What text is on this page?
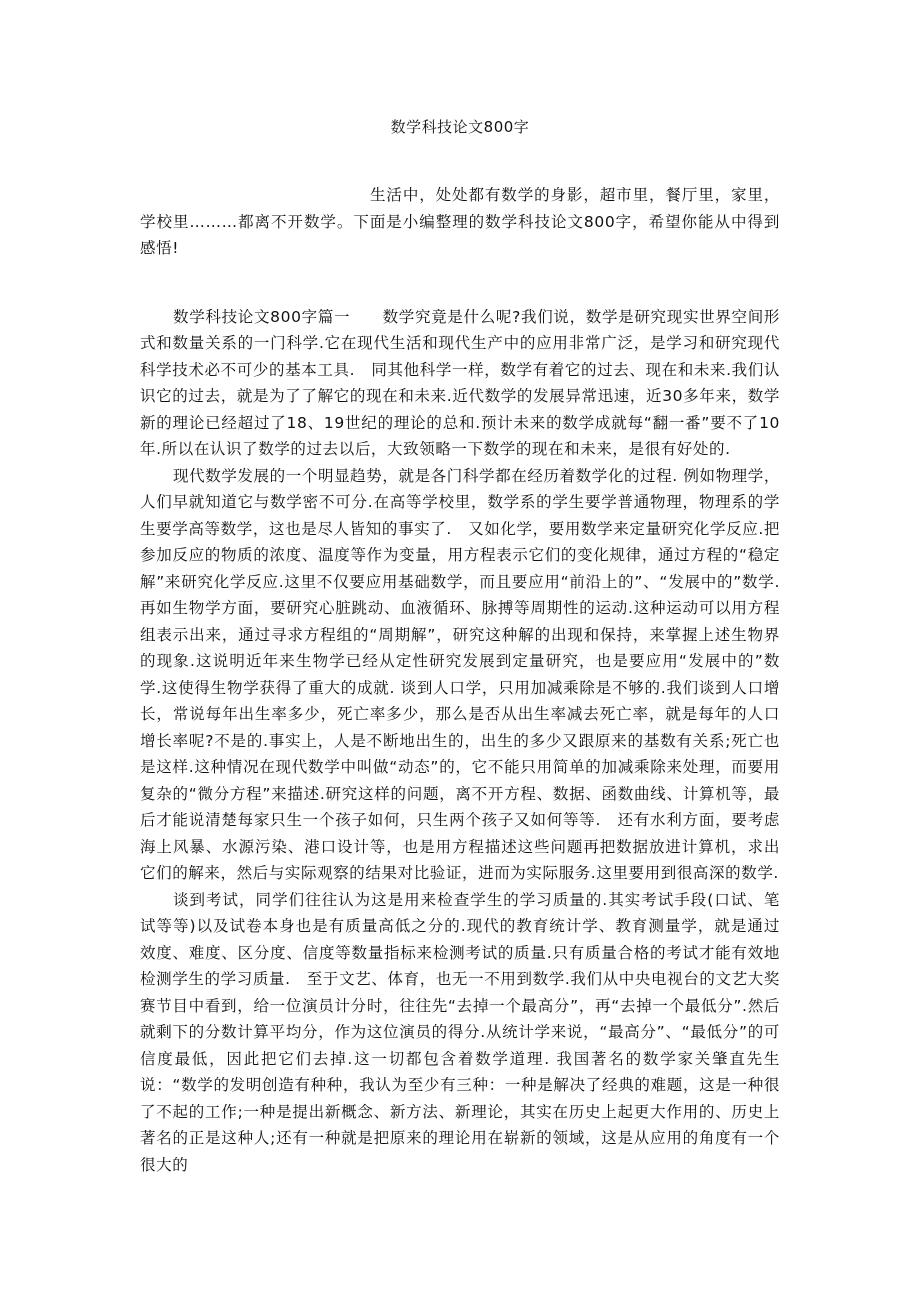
数学科技论文800字

生活中，处处都有数学的身影，超市里，餐厅里，家里，学校里………都离不开数学。下面是小编整理的数学科技论文800字，希望你能从中得到感悟!

数学科技论文800字篇一　　数学究竟是什么呢?我们说，数学是研究现实世界空间形式和数量关系的一门科学.它在现代生活和现代生产中的应用非常广泛，是学习和研究现代科学技术必不可少的基本工具.　同其他科学一样，数学有着它的过去、现在和未来.我们认识它的过去，就是为了了解它的现在和未来.近代数学的发展异常迅速，近30多年来，数学新的理论已经超过了18、19世纪的理论的总和.预计未来的数学成就每“翻一番”要不了10年.所以在认识了数学的过去以后，大致领略一下数学的现在和未来，是很有好处的.

现代数学发展的一个明显趋势，就是各门科学都在经历着数学化的过程. 例如物理学，人们早就知道它与数学密不可分.在高等学校里，数学系的学生要学普通物理，物理系的学生要学高等数学，这也是尽人皆知的事实了.　又如化学，要用数学来定量研究化学反应.把参加反应的物质的浓度、温度等作为变量，用方程表示它们的变化规律，通过方程的“稳定解”来研究化学反应.这里不仅要应用基础数学，而且要应用“前沿上的”、“发展中的”数学. 再如生物学方面，要研究心脏跳动、血液循环、脉搏等周期性的运动.这种运动可以用方程组表示出来，通过寻求方程组的“周期解”，研究这种解的出现和保持，来掌握上述生物界的现象.这说明近年来生物学已经从定性研究发展到定量研究，也是要应用“发展中的”数学.这使得生物学获得了重大的成就. 谈到人口学，只用加减乘除是不够的.我们谈到人口增长，常说每年出生率多少，死亡率多少，那么是否从出生率减去死亡率，就是每年的人口增长率呢?不是的.事实上，人是不断地出生的，出生的多少又跟原来的基数有关系;死亡也是这样.这种情况在现代数学中叫做“动态”的，它不能只用简单的加减乘除来处理，而要用复杂的“微分方程”来描述.研究这样的问题，离不开方程、数据、函数曲线、计算机等，最后才能说清楚每家只生一个孩子如何，只生两个孩子又如何等等.　还有水利方面，要考虑海上风暴、水源污染、港口设计等，也是用方程描述这些问题再把数据放进计算机，求出它们的解来，然后与实际观察的结果对比验证，进而为实际服务.这里要用到很高深的数学.

谈到考试，同学们往往认为这是用来检查学生的学习质量的.其实考试手段(口试、笔试等等)以及试卷本身也是有质量高低之分的.现代的教育统计学、教育测量学，就是通过效度、难度、区分度、信度等数量指标来检测考试的质量.只有质量合格的考试才能有效地检测学生的学习质量.　至于文艺、体育，也无一不用到数学.我们从中央电视台的文艺大奖赛节目中看到，给一位演员计分时，往往先“去掉一个最高分”，再“去掉一个最低分”.然后就剩下的分数计算平均分，作为这位演员的得分.从统计学来说，“最高分”、“最低分”的可信度最低，因此把它们去掉.这一切都包含着数学道理. 我国著名的数学家关肇直先生说：“数学的发明创造有种种，我认为至少有三种：一种是解决了经典的难题，这是一种很了不起的工作;一种是提出新概念、新方法、新理论，其实在历史上起更大作用的、历史上著名的正是这种人;还有一种就是把原来的理论用在崭新的领域，这是从应用的角度有一个很大的
